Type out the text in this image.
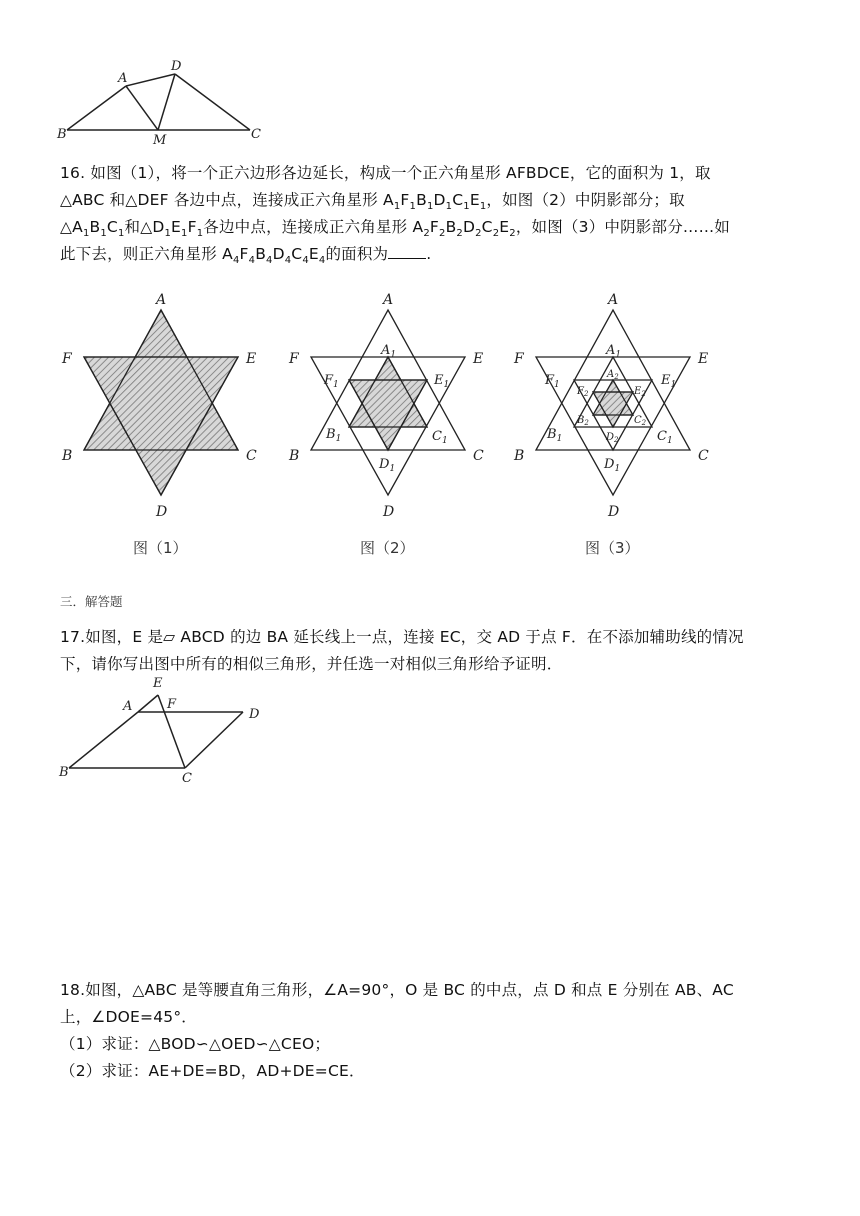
B
A
D
M	C
16. 如图（1），将一个正六边形各边延长，构成一个正六角星形 AFBDCE，它的面积为 1，取
△ABC 和△DEF 各边中点，连接成正六角星形 $A_1F_1B_1D_1C_1E_1$，如图（2）中阴影部分；取
$\triangle A_1B_1C_1$和$\triangle D_1E_1F_1$各边中点，连接成正六角星形 $A_2F_2B_2D_2C_2E_2$，如图（3）中阴影部分……如
此下去，则正六角星形 $A_4F_4B_4D_4C_4E_4$的面积为 .
A
F	E
B	C
D
A
F	E
B	C
D
$A_1$
$F_1$	$E_1$
$B_1$	$C_1$
$D_1$
A
F	E
B	C
D
$A_1$
$F_1$	$E_1$
$B_1$	$C_1$
$D_1$
$A_2$
$F_2$	$E_2$
$B_2$	$C_2$
$D_2$
图（1）	图（2）	图（3）
三．解答题
17.如图，E 是▱ ABCD 的边 BA 延长线上一点，连接 EC，交 AD 于点 F．在不添加辅助线的情况
下，请你写出图中所有的相似三角形，并任选一对相似三角形给予证明．
E
A	F
D
B	C
18.如图，△ABC 是等腰直角三角形，∠A=90°，O 是 BC 的中点，点 D 和点 E 分别在 AB、AC
上，∠DOE=45°．
（1）求证：△BOD∽△OED∽△CEO；
（2）求证：AE+DE=BD，AD+DE=CE．
